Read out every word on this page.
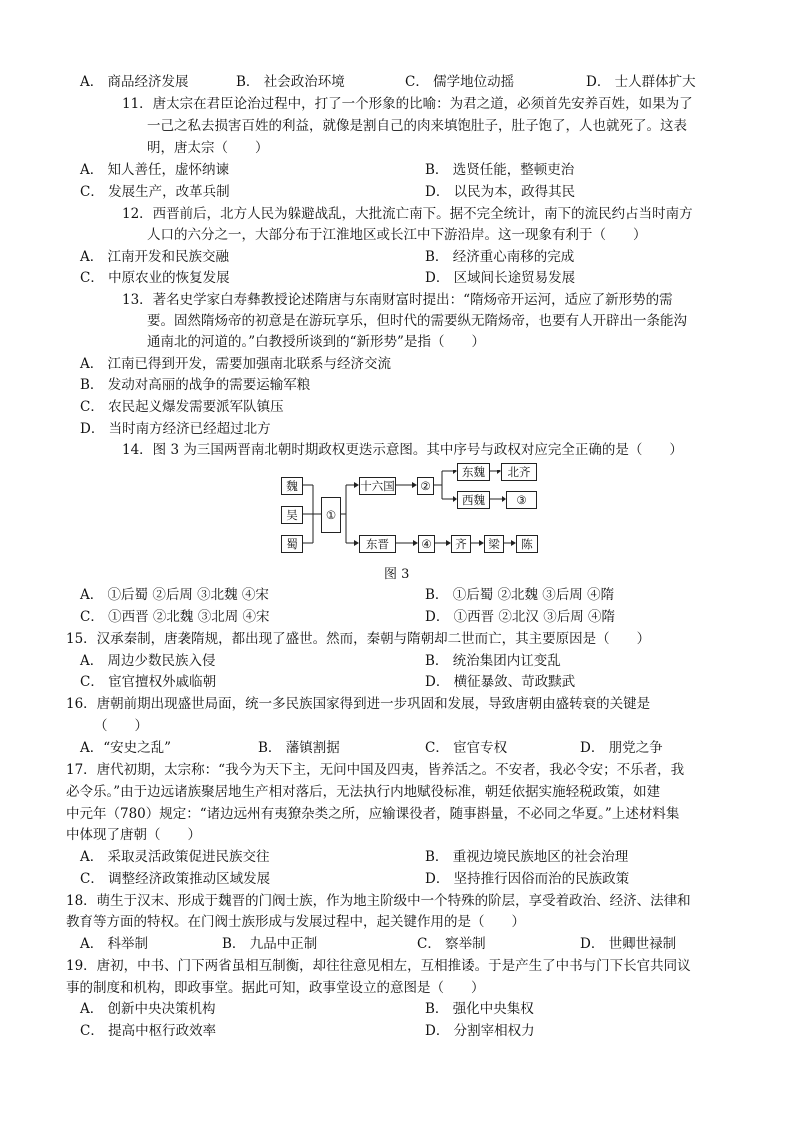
A． 商品经济发展	B． 社会政治环境	C． 儒学地位动摇	D． 士人群体扩大
11．唐太宗在君臣论治过程中，打了一个形象的比喻：为君之道，必须首先安养百姓，如果为了
一己之私去损害百姓的利益，就像是割自己的肉来填饱肚子，肚子饱了，人也就死了。这表
明，唐太宗（　　）
A． 知人善任，虚怀纳谏	B． 选贤任能，整顿吏治
C． 发展生产，改革兵制	D． 以民为本，政得其民
12．西晋前后，北方人民为躲避战乱，大批流亡南下。据不完全统计，南下的流民约占当时南方
人口的六分之一，大部分布于江淮地区或长江中下游沿岸。这一现象有利于（　　）
A． 江南开发和民族交融	B． 经济重心南移的完成
C． 中原农业的恢复发展	D． 区域间长途贸易发展
13．著名史学家白寿彝教授论述隋唐与东南财富时提出：“隋炀帝开运河，适应了新形势的需
要。固然隋炀帝的初意是在游玩享乐，但时代的需要纵无隋炀帝，也要有人开辟出一条能沟
通南北的河道的。”白教授所谈到的“新形势”是指（　　）
A． 江南已得到开发，需要加强南北联系与经济交流
B． 发动对高丽的战争的需要运输军粮
C． 农民起义爆发需要派军队镇压
D． 当时南方经济已经超过北方
14．图 3 为三国两晋南北朝时期政权更迭示意图。其中序号与政权对应完全正确的是（　　）
魏
吴
蜀
①
十六国 ②
东魏	北齐
西魏	③
东晋	④	齐	梁	陈
图 3
A． ①后蜀 ②后周 ③北魏 ④宋	B． ①后蜀 ②北魏 ③后周 ④隋
C． ①西晋 ②北魏 ③北周 ④宋	D． ①西晋 ②北汉 ③后周 ④隋
15．汉承秦制，唐袭隋规，都出现了盛世。然而，秦朝与隋朝却二世而亡，其主要原因是（　　）
A． 周边少数民族入侵	B． 统治集团内讧变乱
C． 宦官擅权外戚临朝	D． 横征暴敛、苛政黩武
16．唐朝前期出现盛世局面，统一多民族国家得到进一步巩固和发展，导致唐朝由盛转衰的关键是
（　　）
A．“安史之乱”	B． 藩镇割据	C． 宦官专权	D． 朋党之争
17．唐代初期，太宗称：“我今为天下主，无问中国及四夷，皆养活之。不安者，我必令安；不乐者，我
必令乐。”由于边远诸族聚居地生产相对落后，无法执行内地赋役标准，朝廷依据实施轻税政策，如建
中元年（780）规定：“诸边远州有夷獠杂类之所，应输课役者，随事斟量，不必同之华夏。”上述材料集
中体现了唐朝（　　）
A． 采取灵活政策促进民族交往	B． 重视边境民族地区的社会治理
C． 调整经济政策推动区域发展	D． 坚持推行因俗而治的民族政策
18．萌生于汉末、形成于魏晋的门阀士族，作为地主阶级中一个特殊的阶层，享受着政治、经济、法律和
教育等方面的特权。在门阀士族形成与发展过程中，起关键作用的是（　　）
A． 科举制	B． 九品中正制	C． 察举制	D． 世卿世禄制
19．唐初，中书、门下两省虽相互制衡，却往往意见相左，互相推诿。于是产生了中书与门下长官共同议
事的制度和机构，即政事堂。据此可知，政事堂设立的意图是（　　）
A． 创新中央决策机构	B． 强化中央集权
C． 提高中枢行政效率	D． 分割宰相权力
